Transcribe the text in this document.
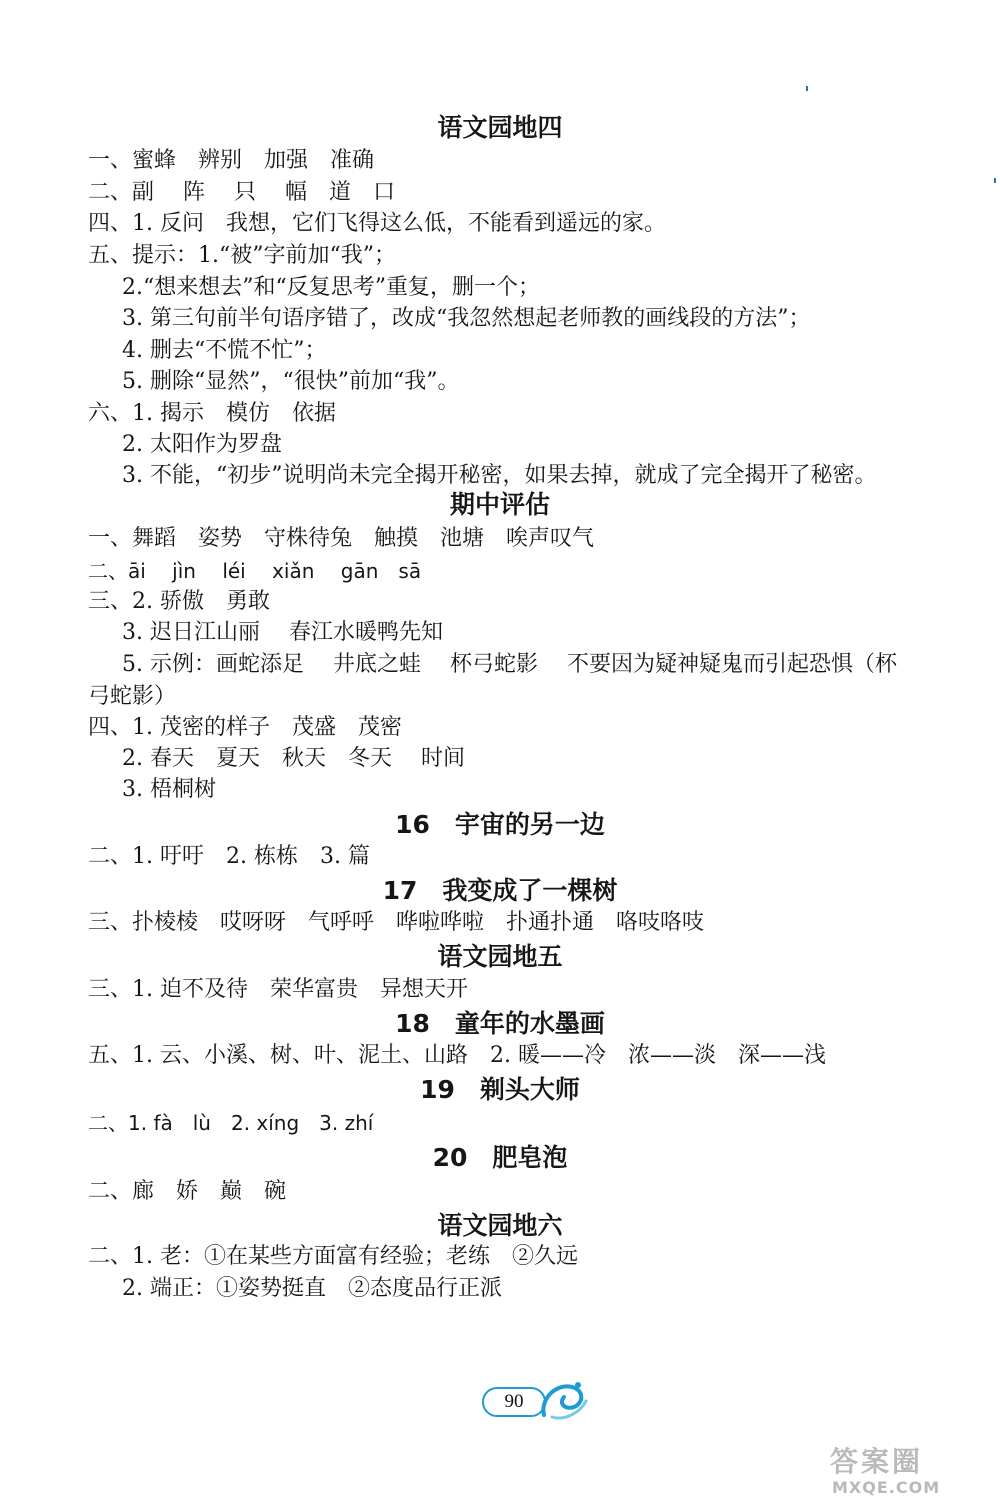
语文园地四
一、蜜蜂　辨别　加强　准确
二、副　 阵　 只　 幅　道　口
四、1. 反问　我想，它们飞得这么低，不能看到遥远的家。
五、提示：1.“被”字前加“我”；
2.“想来想去”和“反复思考”重复，删一个；
3. 第三句前半句语序错了，改成“我忽然想起老师教的画线段的方法”；
4. 删去“不慌不忙”；
5. 删除“显然”，“很快”前加“我”。
六、1. 揭示　模仿　依据
2. 太阳作为罗盘
3. 不能，“初步”说明尚未完全揭开秘密，如果去掉，就成了完全揭开了秘密。
期中评估
一、舞蹈　姿势　守株待兔　触摸　池塘　唉声叹气
二、āi　 jìn　 léi　 xiǎn　 gān　sā
三、2. 骄傲　勇敢
3. 迟日江山丽　 春江水暖鸭先知
5. 示例：画蛇添足　 井底之蛙　 杯弓蛇影　 不要因为疑神疑鬼而引起恐惧（杯
弓蛇影）
四、1. 茂密的样子　茂盛　茂密
2. 春天　夏天　秋天　冬天　 时间
3. 梧桐树
16　宇宙的另一边
二、1. 吁吁　2. 栋栋　3. 篇
17　我变成了一棵树
三、扑棱棱　哎呀呀　气呼呼　哗啦哗啦　扑通扑通　咯吱咯吱
语文园地五
三、1. 迫不及待　荣华富贵　异想天开
18　童年的水墨画
五、1. 云、小溪、树、叶、泥土、山路　2. 暖——冷　浓——淡　深——浅
19　剃头大师
二、1. fà　lù　2. xíng　3. zhí
20　肥皂泡
二、廊　娇　巅　碗
语文园地六
二、1. 老：①在某些方面富有经验；老练　②久远
2. 端正：①姿势挺直　②态度品行正派
90
答案圈
MXQE.COM
